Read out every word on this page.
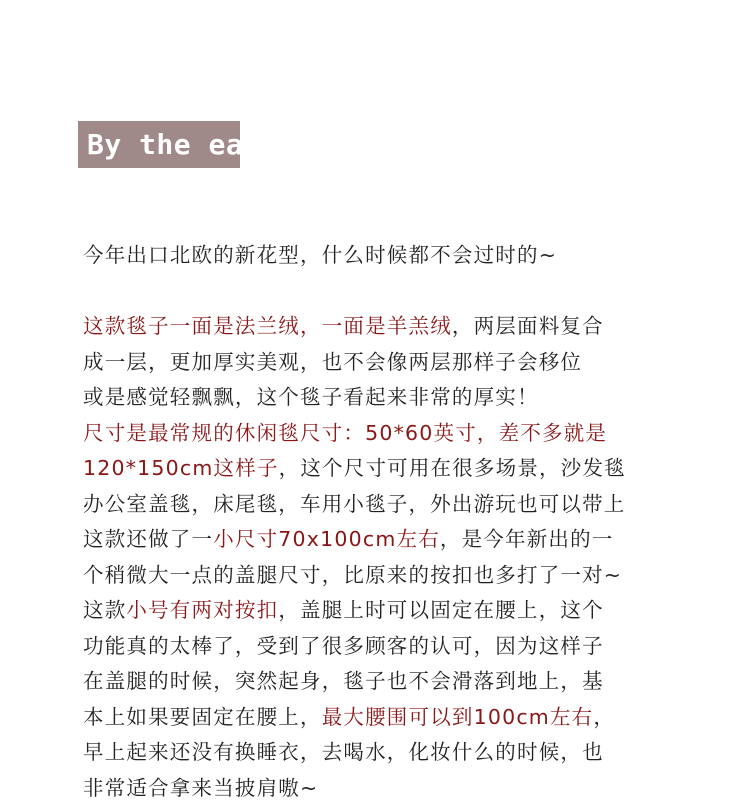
By the ear
今年出口北欧的新花型，什么时候都不会过时的~
这款毯子一面是法兰绒，一面是羊羔绒，两层面料复合
成一层，更加厚实美观，也不会像两层那样子会移位
或是感觉轻飘飘，这个毯子看起来非常的厚实！
尺寸是最常规的休闲毯尺寸：50*60英寸，差不多就是
120*150cm这样子，这个尺寸可用在很多场景，沙发毯
办公室盖毯，床尾毯，车用小毯子，外出游玩也可以带上
这款还做了一小尺寸70x100cm左右，是今年新出的一
个稍微大一点的盖腿尺寸，比原来的按扣也多打了一对~
这款小号有两对按扣，盖腿上时可以固定在腰上，这个
功能真的太棒了，受到了很多顾客的认可，因为这样子
在盖腿的时候，突然起身，毯子也不会滑落到地上，基
本上如果要固定在腰上，最大腰围可以到100cm左右，
早上起来还没有换睡衣，去喝水，化妆什么的时候，也
非常适合拿来当披肩嗷~
